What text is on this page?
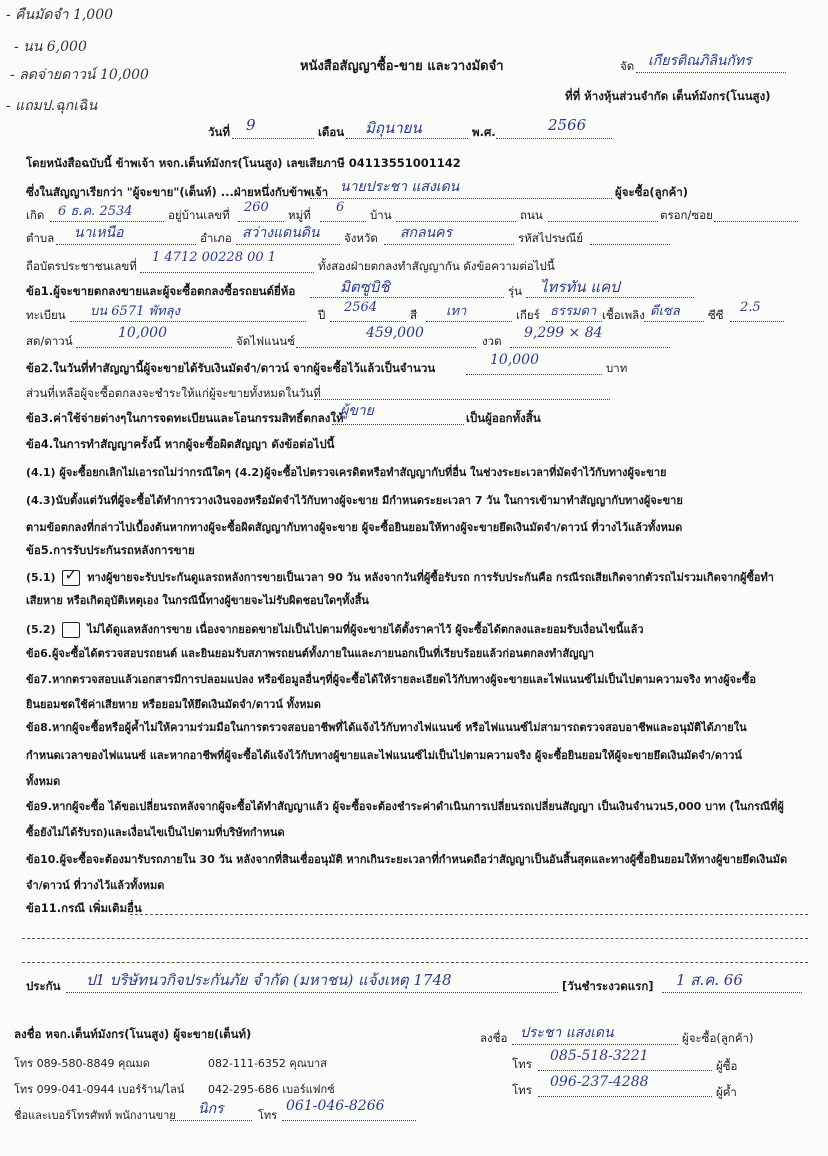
- คืนมัดจำ 1,000
- นน 6,000
- ลดจ่ายดาวน์ 10,000
- แถมป.ฉุกเฉิน
หนังสือสัญญาซื้อ-ขาย และวางมัดจำ	จัด เกียรติณภิลินกัทร
ที่ที่ ห้างหุ้นส่วนจำกัด เต็นท์มังกร(โนนสูง)
วันที่ 9	เดือน มิถุนายน	พ.ศ.	2566
โดยหนังสือฉบับนี้ ข้าพเจ้า หจก.เต็นท์มังกร(โนนสูง) เลขเสียภาษี 04113551001142
ซึ่งในสัญญาเรียกว่า "ผู้จะขาย"(เต็นท์) ...ฝ่ายหนึ่งกับข้าพเจ้า นายประชา แสงเดน	ผู้จะซื้อ(ลูกค้า)
เกิด 6 ธ.ค. 2534	อยู่บ้านเลขที่ 260 หมู่ที่ 6 บ้าน	ถนน	ตรอก/ซอย
ตำบล นาเหนือ	อำเภอ สว่างแดนดิน จังหวัด สกลนคร	รหัสไปรษณีย์
ถือบัตรประชาชนเลขที่
1 4712 00228 00 1
ทั้งสองฝ่ายตกลงทำสัญญากัน ดังข้อความต่อไปนี้
ข้อ1.ผู้จะขายตกลงขายและผู้จะซื้อตกลงซื้อรถยนต์ยี่ห้อ	มิตซูบิชิ	รุ่น ไทรทัน แคป
ทะเบียน บน 6571 พัทลุง	ปี 2564	สี เทา	เกียร์ ธรรมดา เชื้อเพลิง ดีเซล ซีซี 2.5
สด/ดาวน์	10,000	จัดไฟแนนซ์	459,000	งวด 9,299 × 84
ข้อ2.ในวันที่ทำสัญญานี้ผู้จะขายได้รับเงินมัดจำ/ดาวน์ จากผู้จะซื้อไว้แล้วเป็นจำนวน	10,000	บาท
ส่วนที่เหลือผู้จะซื้อตกลงจะชำระให้แก่ผู้จะขายทั้งหมดในวันที่
ข้อ3.ค่าใช้จ่ายต่างๆในการจดทะเบียนและโอนกรรมสิทธิ์ตกลงให้
ผู้ขาย	เป็นผู้ออกทั้งสิ้น
ข้อ4.ในการทำสัญญาครั้งนี้ หากผู้จะซื้อผิดสัญญา ดังข้อต่อไปนี้
(4.1) ผู้จะซื้อยกเลิกไม่เอารถไม่ว่ากรณีใดๆ (4.2)ผู้จะซื้อไปตรวจเครดิตหรือทำสัญญากับที่อื่น ในช่วงระยะเวลาที่มัดจำไว้กับทางผู้จะขาย
(4.3)นับตั้งแต่วันที่ผู้จะซื้อได้ทำการวางเงินจองหรือมัดจำไว้กับทางผู้จะขาย มีกำหนดระยะเวลา 7 วัน ในการเข้ามาทำสัญญากับทางผู้จะขาย
ตามข้อตกลงที่กล่าวไปเบื้องต้นหากทางผู้จะซื้อผิดสัญญากับทางผู้จะขาย ผู้จะซื้อยินยอมให้ทางผู้จะขายยึดเงินมัดจำ/ดาวน์ ที่วางไว้แล้วทั้งหมด
ข้อ5.การรับประกันรถหลังการขาย
(5.1) ✓ ทางผู้ขายจะรับประกันดูแลรถหลังการขายเป็นเวลา 90 วัน หลังจากวันที่ผู้ซื้อรับรถ การรับประกันคือ กรณีรถเสียเกิดจากตัวรถไม่รวมเกิดจากผู้ซื้อทำ
เสียหาย หรือเกิดอุบัติเหตุเอง ในกรณีนี้ทางผู้ขายจะไม่รับผิดชอบใดๆทั้งสิ้น
(5.2)	ไม่ได้ดูแลหลังการขาย เนื่องจากยอดขายไม่เป็นไปตามที่ผู้จะขายได้ตั้งราคาไว้ ผู้จะซื้อได้ตกลงและยอมรับเงื่อนไขนี้แล้ว
ข้อ6.ผู้จะซื้อได้ตรวจสอบรถยนต์ และยินยอมรับสภาพรถยนต์ทั้งภายในและภายนอกเป็นที่เรียบร้อยแล้วก่อนตกลงทำสัญญา
ข้อ7.หากตรวจสอบแล้วเอกสารมีการปลอมแปลง หรือข้อมูลอื่นๆที่ผู้จะซื้อได้ให้รายละเอียดไว้กับทางผู้จะขายและไฟแนนซ์ไม่เป็นไปตามความจริง ทางผู้จะซื้อ
ยินยอมชดใช้ค่าเสียหาย หรือยอมให้ยึดเงินมัดจำ/ดาวน์ ทั้งหมด
ข้อ8.หากผู้จะซื้อหรือผู้ค้ำไม่ให้ความร่วมมือในการตรวจสอบอาชีพที่ได้แจ้งไว้กับทางไฟแนนซ์ หรือไฟแนนซ์ไม่สามารถตรวจสอบอาชีพและอนุมัติได้ภายใน
กำหนดเวลาของไฟแนนซ์ และหากอาชีพที่ผู้จะซื้อได้แจ้งไว้กับทางผู้ขายและไฟแนนซ์ไม่เป็นไปตามความจริง ผู้จะซื้อยินยอมให้ผู้จะขายยึดเงินมัดจำ/ดาวน์
ทั้งหมด
ข้อ9.หากผู้จะซื้อ ได้ขอเปลี่ยนรถหลังจากผู้จะซื้อได้ทำสัญญาแล้ว ผู้จะซื้อจะต้องชำระค่าดำเนินการเปลี่ยนรถเปลี่ยนสัญญา เป็นเงินจำนวน5,000 บาท (ในกรณีที่ผู้
ซื้อยังไม่ได้รับรถ)และเงื่อนไขเป็นไปตามที่บริษัทกำหนด
ข้อ10.ผู้จะซื้อจะต้องมารับรถภายใน 30 วัน หลังจากที่สินเชื่ออนุมัติ หากเกินระยะเวลาที่กำหนดถือว่าสัญญาเป็นอันสิ้นสุดและทางผู้ซื้อยินยอมให้ทางผู้ขายยึดเงินมัด
จำ/ดาวน์ ที่วางไว้แล้วทั้งหมด
ข้อ11.กรณี เพิ่มเติมอื่น
ประกัน ป1 บริษัทนวกิจประกันภัย จำกัด (มหาชน) แจ้งเหตุ 1748	[วันชำระงวดแรก] 1 ส.ค. 66
ลงชื่อ หจก.เต็นท์มังกร(โนนสูง) ผู้จะขาย(เต็นท์)
โทร 089-580-8849 คุณมด	082-111-6352 คุณบาส
โทร 099-041-0944 เบอร์ร้าน/ไลน์ 042-295-686 เบอร์แฟกซ์
ชื่อและเบอร์โทรศัพท์ พนักงานขาย นิกร	โทร
061-046-8266
ลงชื่อ ประชา แสงเดน	ผู้จะซื้อ(ลูกค้า)
โทร 085-518-3221
ผู้ซื้อ
โทร 096-237-4288
ผู้ค้ำ
